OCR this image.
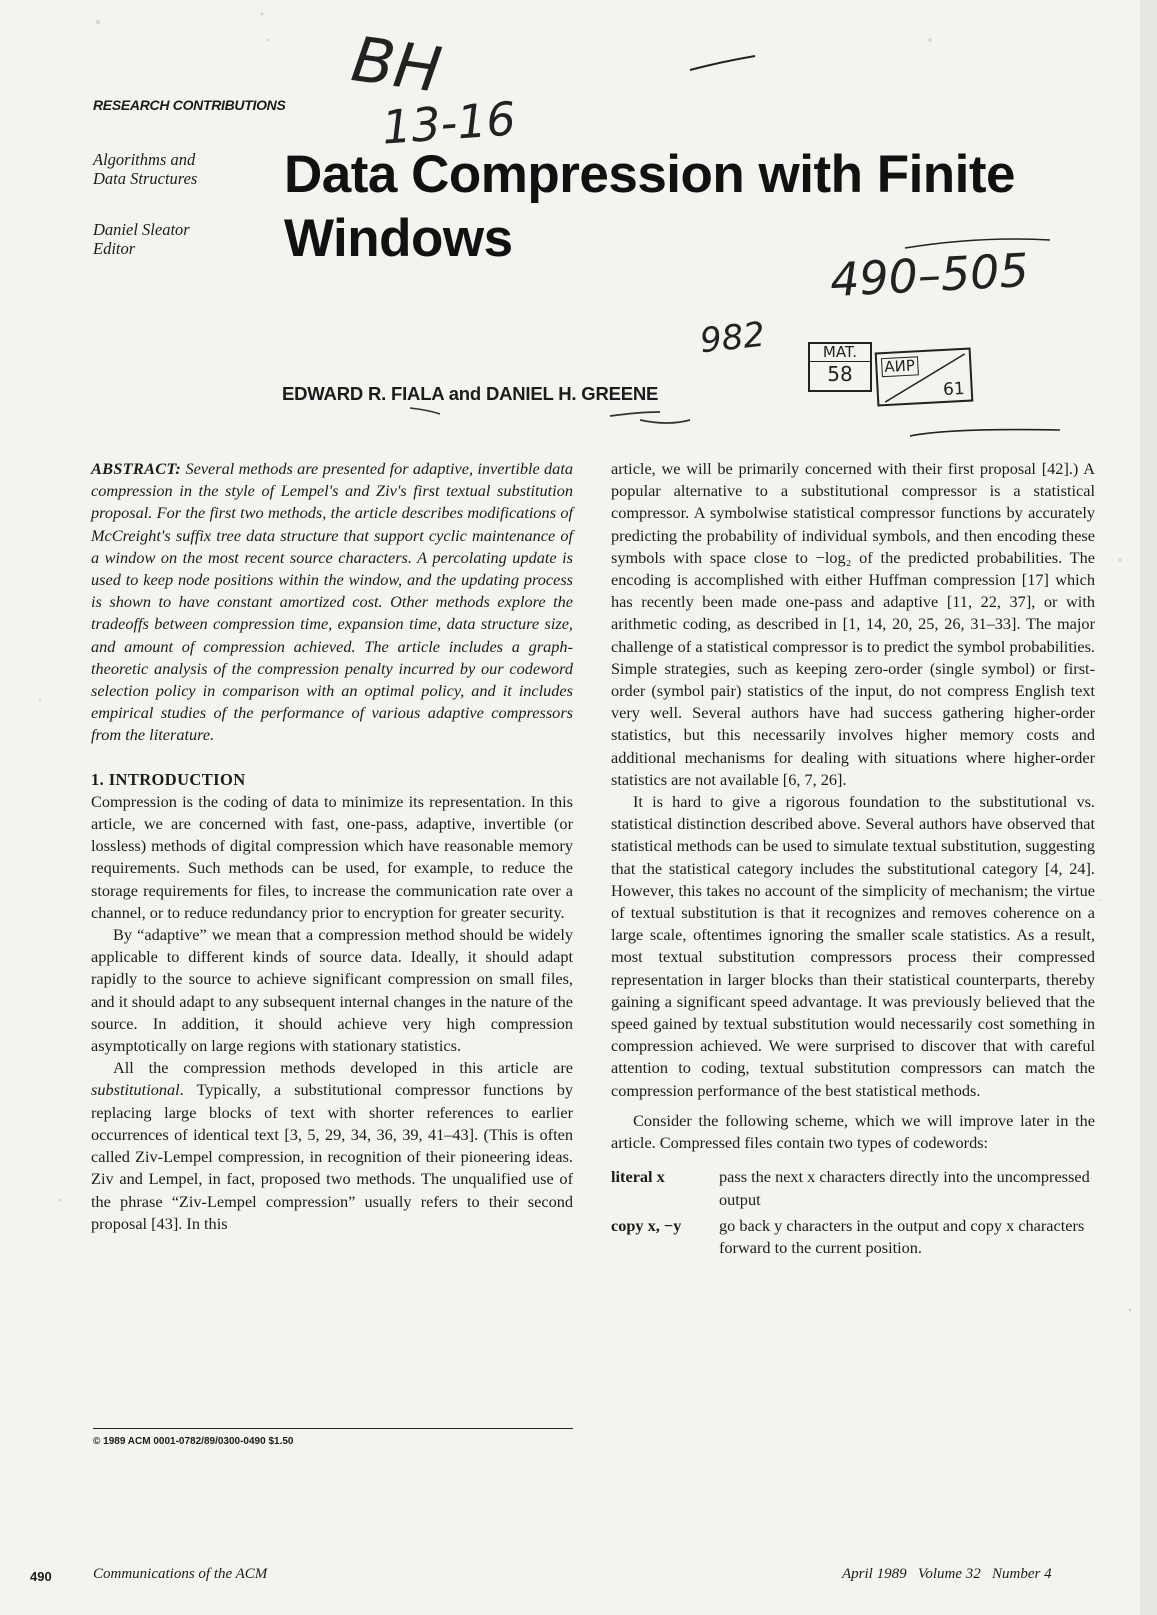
BH
13-16
490–505
982	MAT.
58	АИР
61
RESEARCH CONTRIBUTIONS
Algorithms and
Data Structures
Daniel Sleator
Editor
Data Compression with Finite
Windows
EDWARD R. FIALA and DANIEL H. GREENE

ABSTRACT: Several methods are presented for adaptive, invertible data compression in the style of Lempel's and Ziv's first textual substitution proposal. For the first two methods, the article describes modifications of McCreight's suffix tree data structure that support cyclic maintenance of a window on the most recent source characters. A percolating update is used to keep node positions within the window, and the updating process is shown to have constant amortized cost. Other methods explore the tradeoffs between compression time, expansion time, data structure size, and amount of compression achieved. The article includes a graph-theoretic analysis of the compression penalty incurred by our codeword selection policy in comparison with an optimal policy, and it includes empirical studies of the performance of various adaptive compressors from the literature.

1. INTRODUCTION

Compression is the coding of data to minimize its representation. In this article, we are concerned with fast, one-pass, adaptive, invertible (or lossless) methods of digital compression which have reasonable memory requirements. Such methods can be used, for example, to reduce the storage requirements for files, to increase the communication rate over a channel, or to reduce redundancy prior to encryption for greater security.

By “adaptive” we mean that a compression method should be widely applicable to different kinds of source data. Ideally, it should adapt rapidly to the source to achieve significant compression on small files, and it should adapt to any subsequent internal changes in the nature of the source. In addition, it should achieve very high compression asymptotically on large regions with stationary statistics.

All the compression methods developed in this article are substitutional. Typically, a substitutional compressor functions by replacing large blocks of text with shorter references to earlier occurrences of identical text [3, 5, 29, 34, 36, 39, 41–43]. (This is often called Ziv-Lempel compression, in recognition of their pioneering ideas. Ziv and Lempel, in fact, proposed two methods. The unqualified use of the phrase “Ziv-Lempel compression” usually refers to their second proposal [43]. In this

© 1989 ACM 0001-0782/89/0300-0490 $1.50

article, we will be primarily concerned with their first proposal [42].) A popular alternative to a substitutional compressor is a statistical compressor. A symbolwise statistical compressor functions by accurately predicting the probability of individual symbols, and then encoding these symbols with space close to −log₂ of the predicted probabilities. The encoding is accomplished with either Huffman compression [17] which has recently been made one-pass and adaptive [11, 22, 37], or with arithmetic coding, as described in [1, 14, 20, 25, 26, 31–33]. The major challenge of a statistical compressor is to predict the symbol probabilities. Simple strategies, such as keeping zero-order (single symbol) or first-order (symbol pair) statistics of the input, do not compress English text very well. Several authors have had success gathering higher-order statistics, but this necessarily involves higher memory costs and additional mechanisms for dealing with situations where higher-order statistics are not available [6, 7, 26].

It is hard to give a rigorous foundation to the substitutional vs. statistical distinction described above. Several authors have observed that statistical methods can be used to simulate textual substitution, suggesting that the statistical category includes the substitutional category [4, 24]. However, this takes no account of the simplicity of mechanism; the virtue of textual substitution is that it recognizes and removes coherence on a large scale, oftentimes ignoring the smaller scale statistics. As a result, most textual substitution compressors process their compressed representation in larger blocks than their statistical counterparts, thereby gaining a significant speed advantage. It was previously believed that the speed gained by textual substitution would necessarily cost something in compression achieved. We were surprised to discover that with careful attention to coding, textual substitution compressors can match the compression performance of the best statistical methods.

Consider the following scheme, which we will improve later in the article. Compressed files contain two types of codewords:

literal x	pass the next x characters directly into the uncompressed output
copy x, −y	go back y characters in the output and copy x characters forward to the current position.
490	Communications of the ACM	April 1989   Volume 32   Number 4
